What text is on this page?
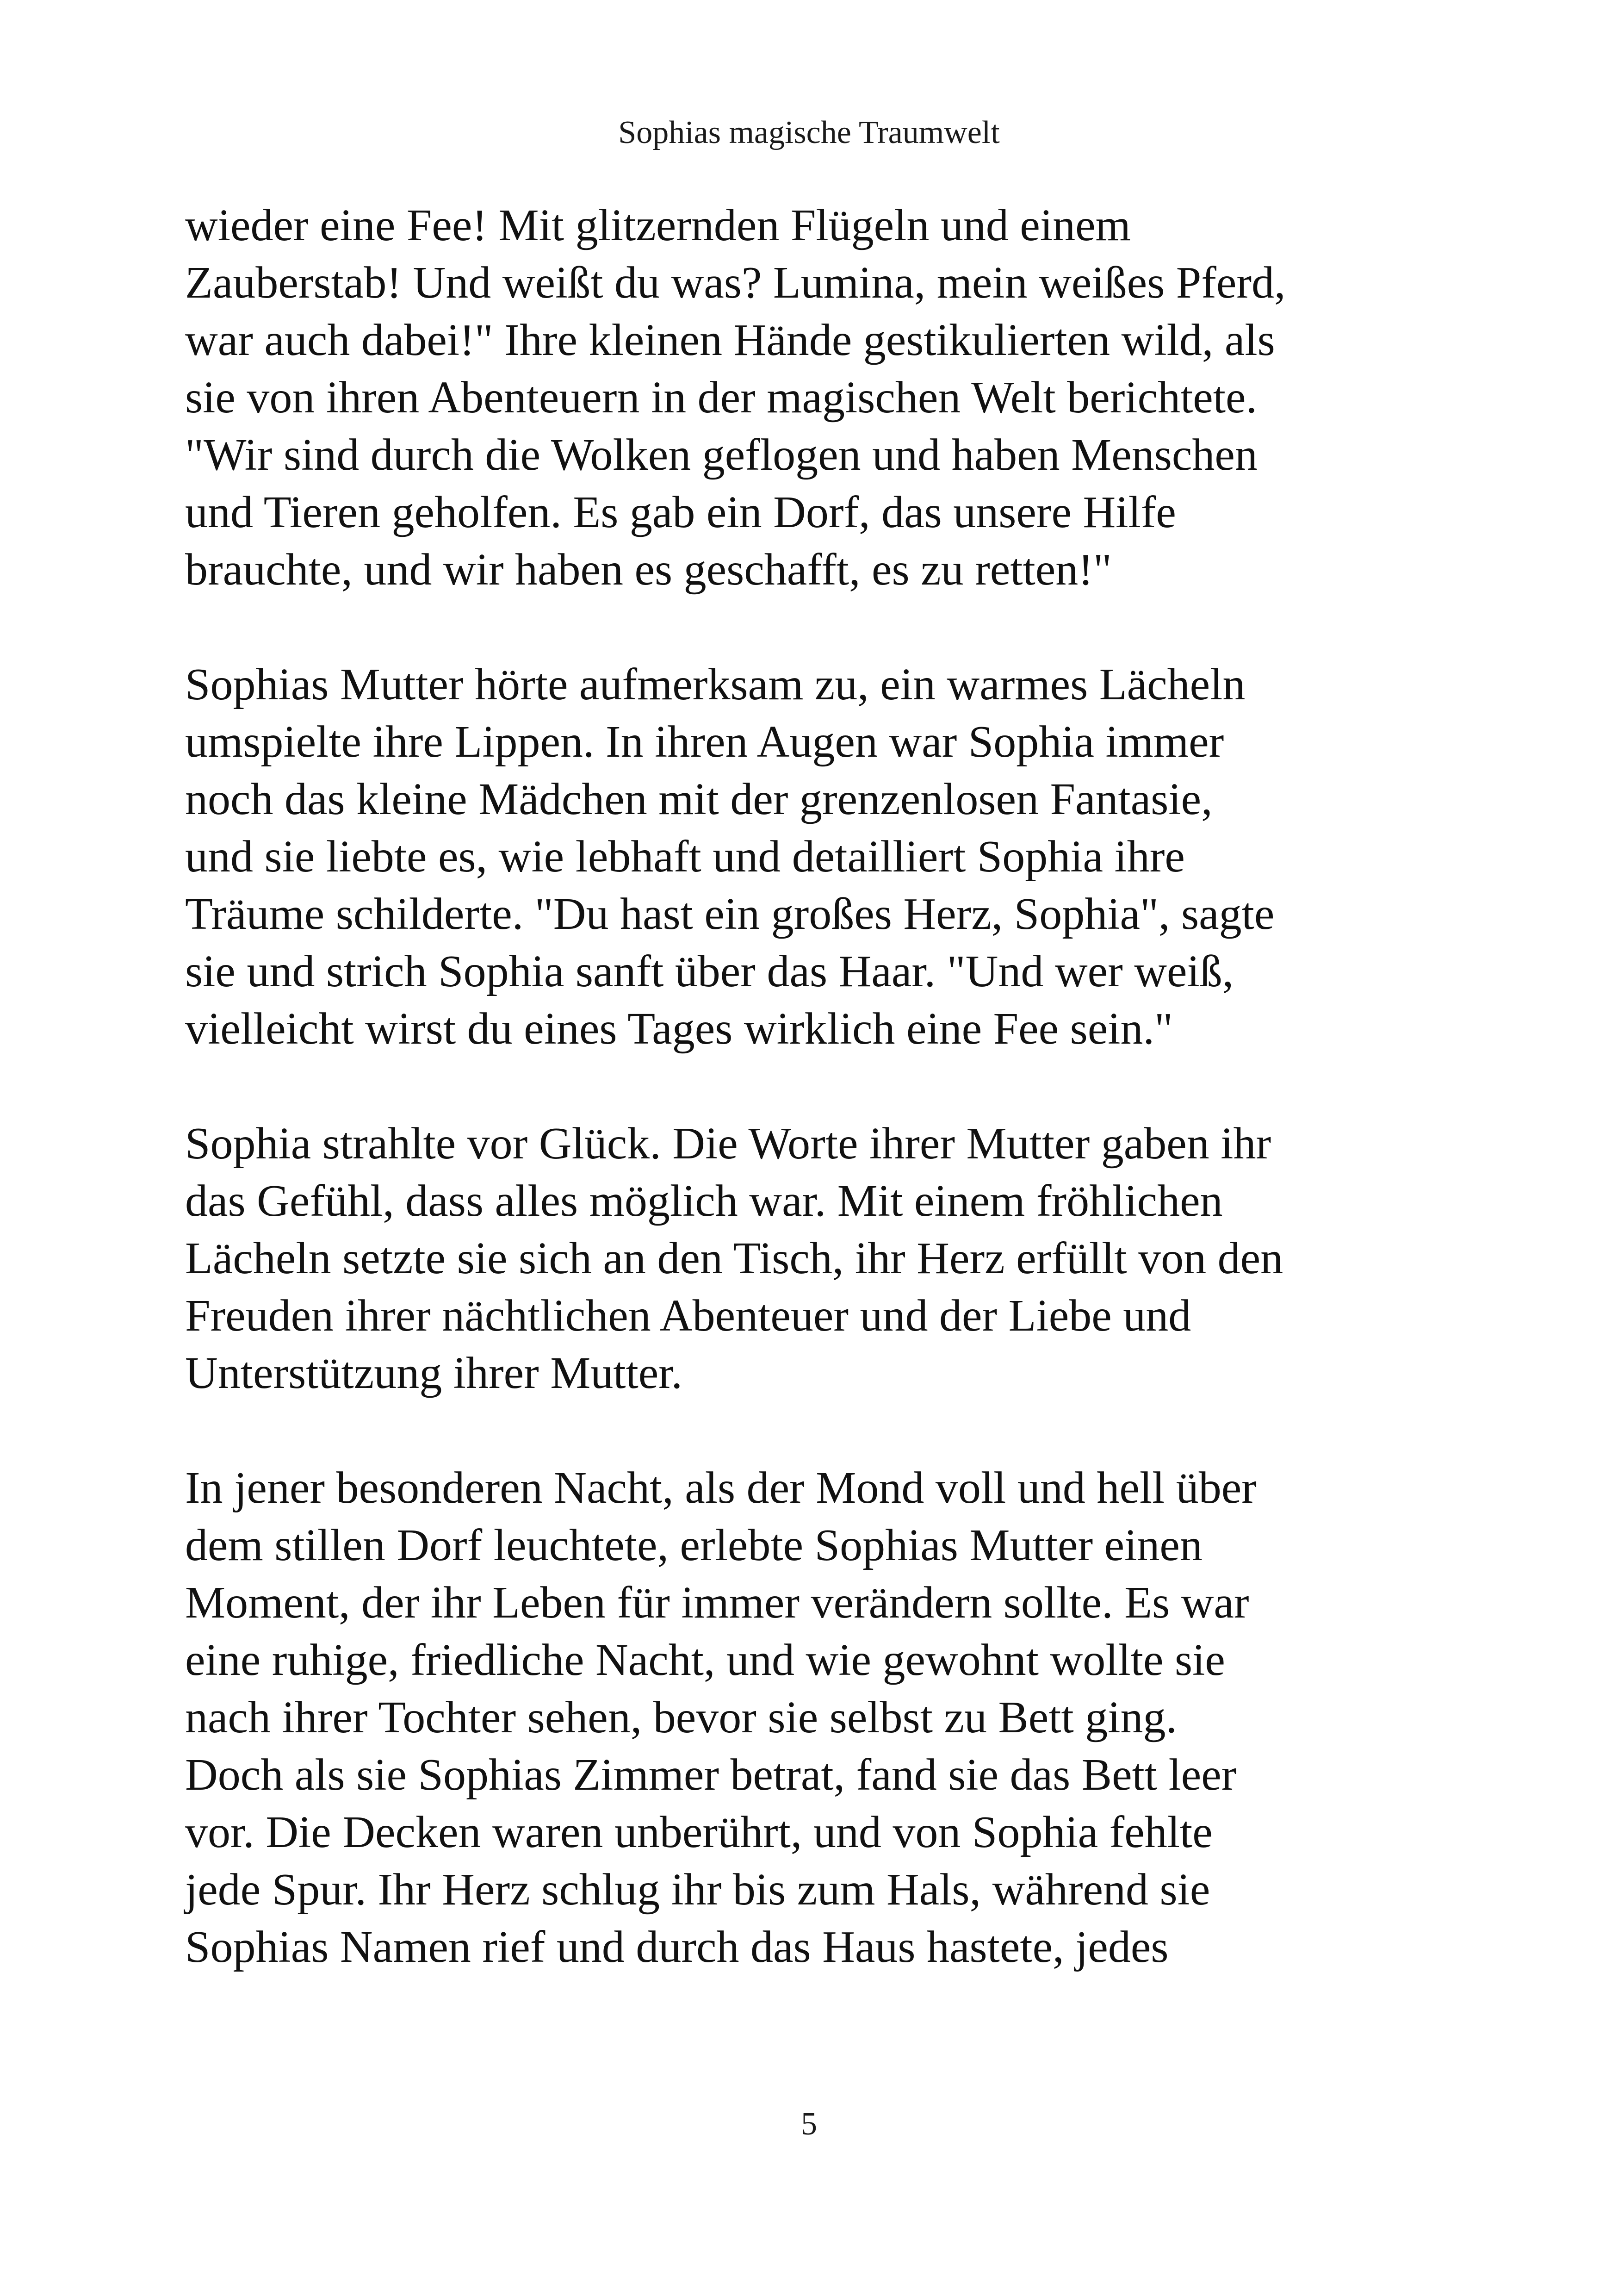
Sophias magische Traumwelt

wieder eine Fee! Mit glitzernden Flügeln und einem
Zauberstab! Und weißt du was? Lumina, mein weißes Pferd,
war auch dabei!" Ihre kleinen Hände gestikulierten wild, als
sie von ihren Abenteuern in der magischen Welt berichtete.
"Wir sind durch die Wolken geflogen und haben Menschen
und Tieren geholfen. Es gab ein Dorf, das unsere Hilfe
brauchte, und wir haben es geschafft, es zu retten!"

Sophias Mutter hörte aufmerksam zu, ein warmes Lächeln
umspielte ihre Lippen. In ihren Augen war Sophia immer
noch das kleine Mädchen mit der grenzenlosen Fantasie,
und sie liebte es, wie lebhaft und detailliert Sophia ihre
Träume schilderte. "Du hast ein großes Herz, Sophia", sagte
sie und strich Sophia sanft über das Haar. "Und wer weiß,
vielleicht wirst du eines Tages wirklich eine Fee sein."

Sophia strahlte vor Glück. Die Worte ihrer Mutter gaben ihr
das Gefühl, dass alles möglich war. Mit einem fröhlichen
Lächeln setzte sie sich an den Tisch, ihr Herz erfüllt von den
Freuden ihrer nächtlichen Abenteuer und der Liebe und
Unterstützung ihrer Mutter.

In jener besonderen Nacht, als der Mond voll und hell über
dem stillen Dorf leuchtete, erlebte Sophias Mutter einen
Moment, der ihr Leben für immer verändern sollte. Es war
eine ruhige, friedliche Nacht, und wie gewohnt wollte sie
nach ihrer Tochter sehen, bevor sie selbst zu Bett ging.
Doch als sie Sophias Zimmer betrat, fand sie das Bett leer
vor. Die Decken waren unberührt, und von Sophia fehlte
jede Spur. Ihr Herz schlug ihr bis zum Hals, während sie
Sophias Namen rief und durch das Haus hastete, jedes

5
